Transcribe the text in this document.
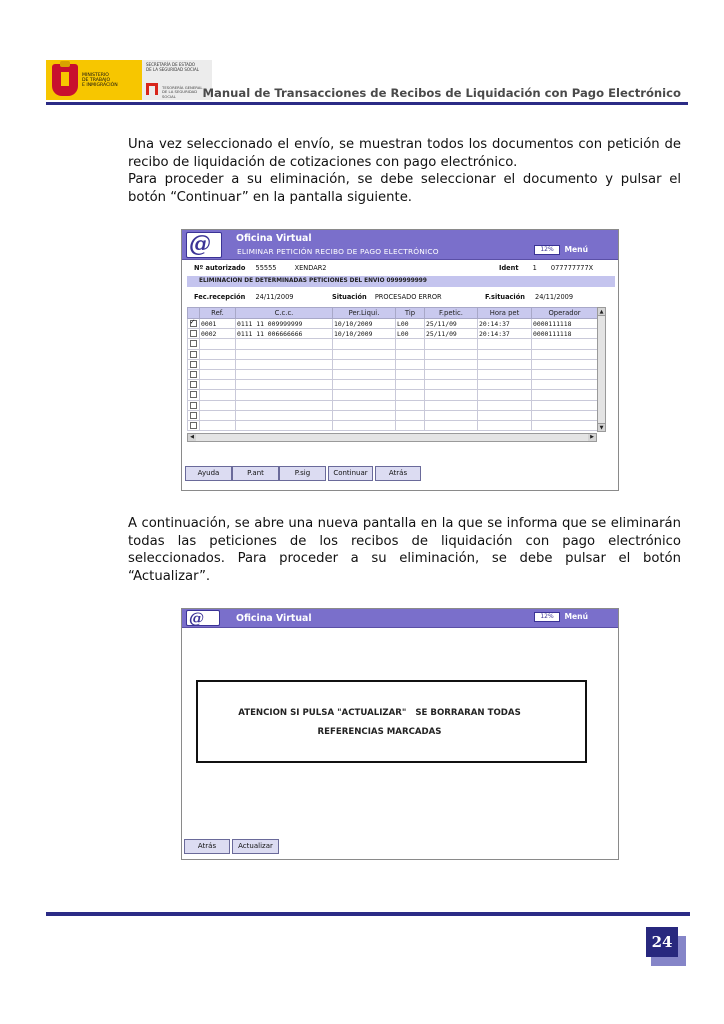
MINISTERIO
DE TRABAJO
E INMIGRACIÓN
SECRETARÍA DE ESTADO
DE LA SEGURIDAD SOCIAL
TESORERÍA GENERAL
DE LA SEGURIDAD SOCIAL	Manual de Transacciones de Recibos de Liquidación con Pago Electrónico

Una vez seleccionado el envío, se muestran todos los documentos con petición de recibo de liquidación de cotizaciones con pago electrónico.

Para proceder a su eliminación, se debe seleccionar el documento y pulsar el botón “Continuar” en la pantalla siguiente.

@	Oficina Virtual
ELIMINAR PETICIÓN RECIBO DE PAGO ELECTRÓNICO	12%	Menú
Nº autorizado 55555	XENDAR2	Ident 1 077777777X
ELIMINACION DE DETERMINADAS PETICIONES DEL ENVIO 0999999999
Fec.recepción 24/11/2009	Situación PROCESADO ERROR	F.situación 24/11/2009
	Ref.	C.c.c.	Per.Liqui.	Tip	F.petic.	Hora pet	Operador
✓	0001	0111 11 009999999	10/10/2009	L00	25/11/09	20:14:37	0000111118
	0002	0111 11 006666666	10/10/2009	L00	25/11/09	20:14:37	0000111118

▲
▼
◀	▶
Ayuda	P.ant	P.sig	Continuar	Atrás

A continuación, se abre una nueva pantalla en la que se informa que se eliminarán todas las peticiones de los recibos de liquidación con pago electrónico seleccionados. Para proceder a su eliminación, se debe pulsar el botón “Actualizar”.

@	Oficina Virtual	12%	Menú
ATENCION SI PULSA "ACTUALIZAR"   SE BORRARAN TODAS
REFERENCIAS MARCADAS
Atrás	Actualizar
24
